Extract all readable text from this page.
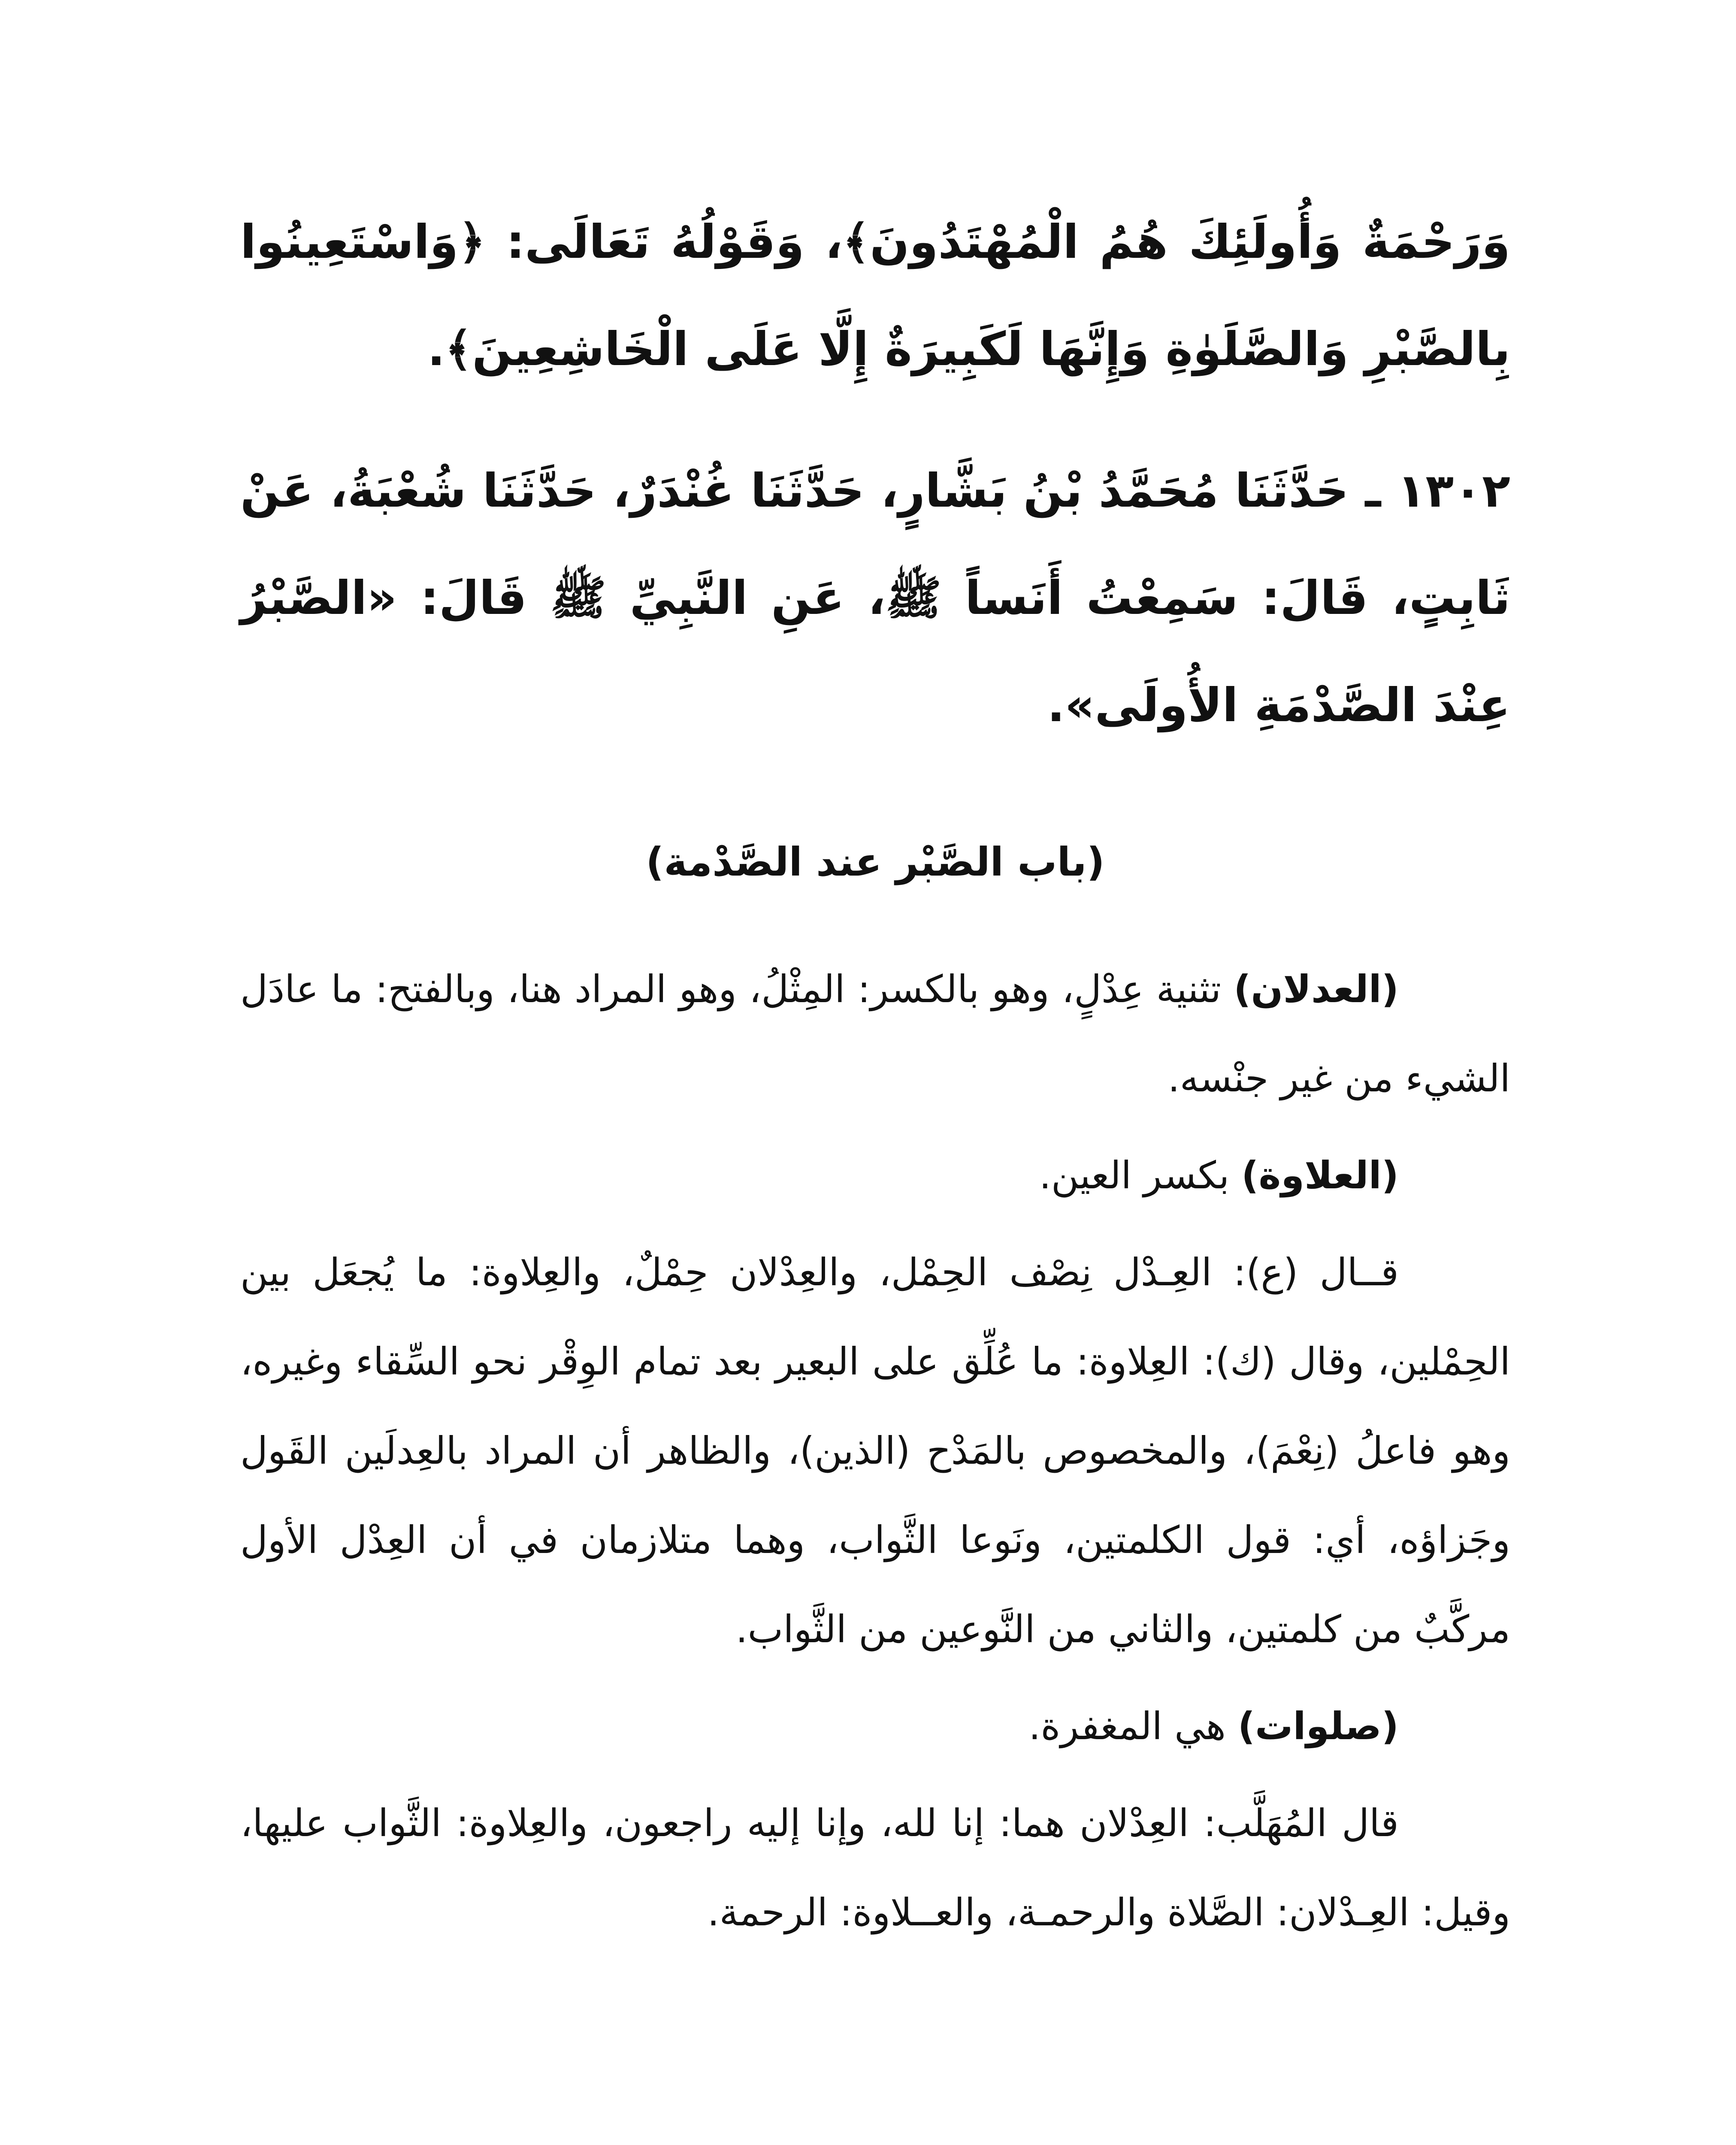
وَرَحْمَةٌ وَأُولَئِكَ هُمُ الْمُهْتَدُونَ﴾، وَقَوْلُهُ تَعَالَى: ﴿وَاسْتَعِينُوا بِالصَّبْرِ وَالصَّلَوٰةِ وَإِنَّهَا لَكَبِيرَةٌ إِلَّا عَلَى الْخَاشِعِينَ﴾.

١٣٠٢ ـ حَدَّثَنَا مُحَمَّدُ بْنُ بَشَّارٍ، حَدَّثَنَا غُنْدَرٌ، حَدَّثَنَا شُعْبَةُ، عَنْ ثَابِتٍ، قَالَ: سَمِعْتُ أَنَساً ﷺ، عَنِ النَّبِيِّ ﷺ قَالَ: «الصَّبْرُ عِنْدَ الصَّدْمَةِ الأُولَى».

(باب الصَّبْر عند الصَّدْمة)

(العدلان) تثنية عِدْلٍ، وهو بالكسر: المِثْلُ، وهو المراد هنا، وبالفتح: ما عادَل الشيء من غير جنْسه.

(العلاوة) بكسر العين.

قــال (ع): العِـدْل نِصْف الحِمْل، والعِدْلان حِمْلٌ، والعِلاوة: ما يُجعَل بين الحِمْلين، وقال (ك): العِلاوة: ما عُلِّق على البعير بعد تمام الوِقْر نحو السِّقاء وغيره، وهو فاعلُ (نِعْمَ)، والمخصوص بالمَدْح (الذين)، والظاهر أن المراد بالعِدلَين القَول وجَزاؤه، أي: قول الكلمتين، ونَوعا الثَّواب، وهما متلازمان في أن العِدْل الأول مركَّبٌ من كلمتين، والثاني من النَّوعين من الثَّواب.

(صلوات) هي المغفرة.

قال المُهَلَّب: العِدْلان هما: إنا لله، وإنا إليه راجعون، والعِلاوة: الثَّواب عليها، وقيل: العِـدْلان: الصَّلاة والرحمـة، والعــلاوة: الرحمة.
